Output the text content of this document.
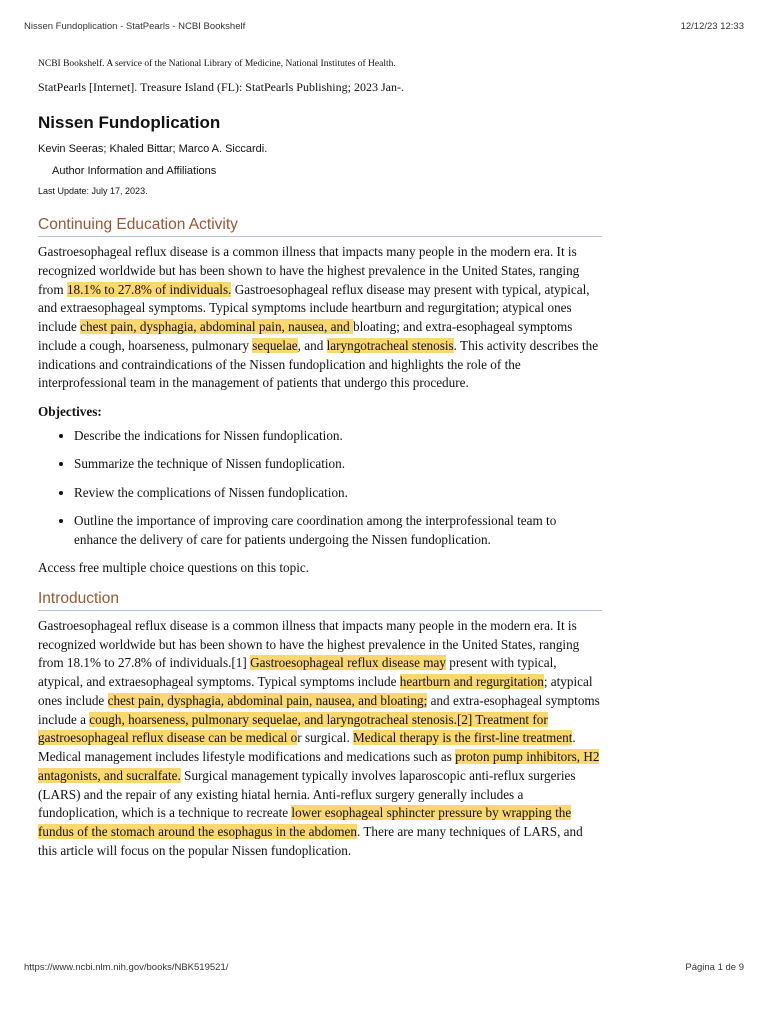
Nissen Fundoplication - StatPearls - NCBI Bookshelf	12/12/23 12:33

NCBI Bookshelf. A service of the National Library of Medicine, National Institutes of Health.

StatPearls [Internet]. Treasure Island (FL): StatPearls Publishing; 2023 Jan-.

Nissen Fundoplication

Kevin Seeras; Khaled Bittar; Marco A. Siccardi.

Author Information and Affiliations

Last Update: July 17, 2023.

Continuing Education Activity

Gastroesophageal reflux disease is a common illness that impacts many people in the modern era. It is recognized worldwide but has been shown to have the highest prevalence in the United States, ranging from 18.1% to 27.8% of individuals. Gastroesophageal reflux disease may present with typical, atypical, and extraesophageal symptoms. Typical symptoms include heartburn and regurgitation; atypical ones include chest pain, dysphagia, abdominal pain, nausea, and bloating; and extra-esophageal symptoms include a cough, hoarseness, pulmonary sequelae, and laryngotracheal stenosis. This activity describes the indications and contraindications of the Nissen fundoplication and highlights the role of the interprofessional team in the management of patients that undergo this procedure.

Objectives:

• Describe the indications for Nissen fundoplication.
• Summarize the technique of Nissen fundoplication.
• Review the complications of Nissen fundoplication.
• Outline the importance of improving care coordination among the interprofessional team to enhance the delivery of care for patients undergoing the Nissen fundoplication.

Access free multiple choice questions on this topic.

Introduction

Gastroesophageal reflux disease is a common illness that impacts many people in the modern era. It is recognized worldwide but has been shown to have the highest prevalence in the United States, ranging from 18.1% to 27.8% of individuals.[1] Gastroesophageal reflux disease may present with typical, atypical, and extraesophageal symptoms. Typical symptoms include heartburn and regurgitation; atypical ones include chest pain, dysphagia, abdominal pain, nausea, and bloating; and extra-esophageal symptoms include a cough, hoarseness, pulmonary sequelae, and laryngotracheal stenosis.[2] Treatment for gastroesophageal reflux disease can be medical or surgical. Medical therapy is the first-line treatment. Medical management includes lifestyle modifications and medications such as proton pump inhibitors, H2 antagonists, and sucralfate. Surgical management typically involves laparoscopic anti-reflux surgeries (LARS) and the repair of any existing hiatal hernia. Anti-reflux surgery generally includes a fundoplication, which is a technique to recreate lower esophageal sphincter pressure by wrapping the fundus of the stomach around the esophagus in the abdomen. There are many techniques of LARS, and this article will focus on the popular Nissen fundoplication.

https://www.ncbi.nlm.nih.gov/books/NBK519521/	Página 1 de 9
